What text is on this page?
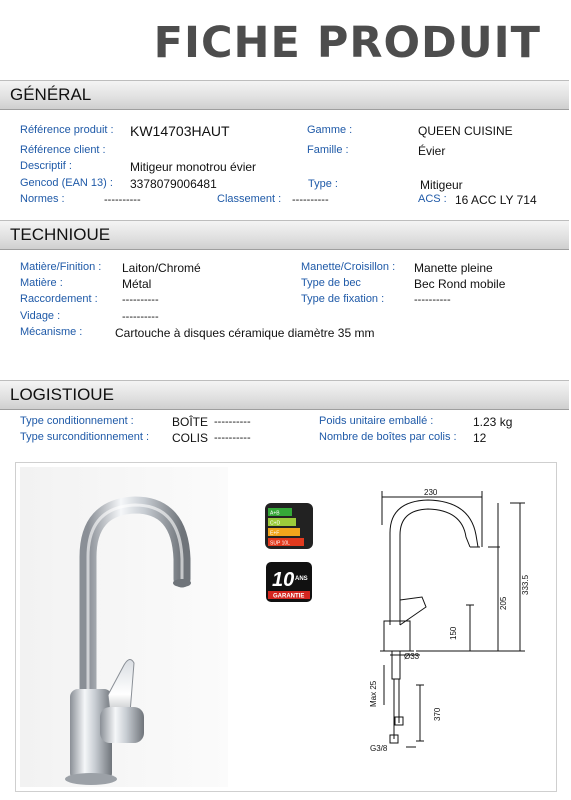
FICHE PRODUIT
GÉNÉRAL
Référence produit : KW14703HAUT	Gamme :	QUEEN CUISINE
Référence client :	Famille :	Évier
Descriptif :	Mitigeur monotrou évier
Gencod (EAN 13) : 3378079006481	Type :	Mitigeur
Normes :	----------	Classement : ----------	ACS : 16 ACC LY 714
TECHNIOUE
Matière/Finition : Laiton/Chromé	Manette/Croisillon : Manette pleine
Matière :	Métal	Type de bec	Bec Rond mobile
Raccordement : ----------	Type de fixation :	----------
Vidage :	----------
Mécanisme :	Cartouche à disques céramique diamètre 35 mm
LOGISTIOUE
Type conditionnement :	BOÎTE ----------	Poids unitaire emballé :	1.23 kg
Type surconditionnement : COLIS ----------	Nombre de boîtes par colis : 12
A+B
C+D
E+F
SUP 10L
10 ANS
GARANTIE
230
333.5
205
150
Ø33
Max 25
370
G3/8
